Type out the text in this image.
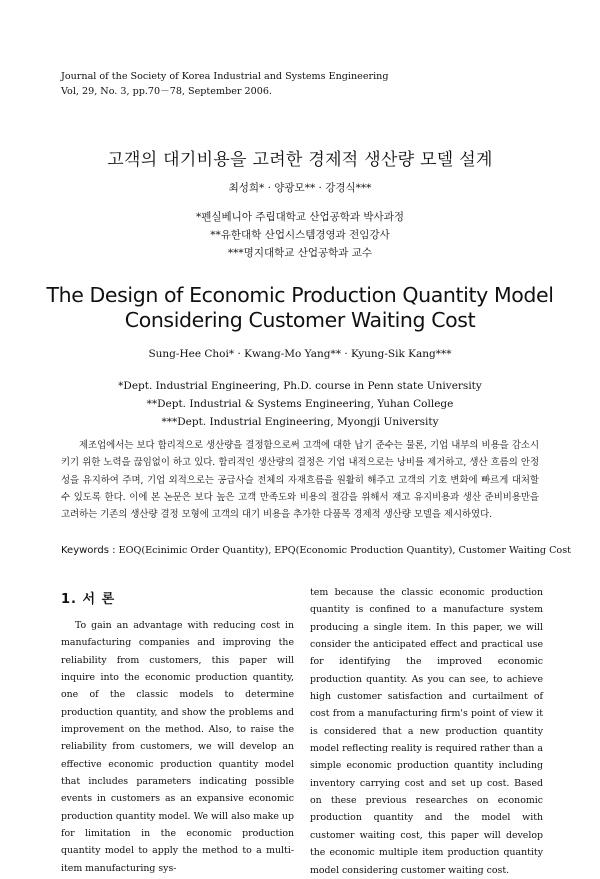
Journal of the Society of Korea Industrial and Systems Engineering
Vol, 29, No. 3, pp.70－78, September 2006.
고객의 대기비용을 고려한 경제적 생산량 모델 설계
최성희* · 양광모** · 강경식***
*펜실베니아 주립대학교 산업공학과 박사과정
**유한대학 산업시스템경영과 전임강사
***명지대학교 산업공학과 교수
The Design of Economic Production Quantity Model
Considering Customer Waiting Cost
Sung-Hee Choi* · Kwang-Mo Yang** · Kyung-Sik Kang***
*Dept. Industrial Engineering, Ph.D. course in Penn state University
**Dept. Industrial & Systems Engineering, Yuhan College
***Dept. Industrial Engineering, Myongji University

제조업에서는 보다 합리적으로 생산량을 결정함으로써 고객에 대한 납기 준수는 물론, 기업 내부의 비용을 감소시키기 위한 노력을 끊임없이 하고 있다. 합리적인 생산량의 결정은 기업 내적으로는 낭비를 제거하고, 생산 흐름의 안정성을 유지하여 주며, 기업 외적으로는 공급사슬 전체의 자재흐름을 원활히 해주고 고객의 기호 변화에 빠르게 대처할 수 있도록 한다. 이에 본 논문은 보다 높은 고객 만족도와 비용의 절감을 위해서 재고 유지비용과 생산 준비비용만을 고려하는 기존의 생산량 결정 모형에 고객의 대기 비용을 추가한 다품목 경제적 생산량 모델을 제시하였다.

Keywords : EOQ(Ecinimic Order Quantity), EPQ(Economic Production Quantity), Customer Waiting Cost
1. 서 론

To gain an advantage with reducing cost in manufacturing companies and improving the reliability from customers, this paper will inquire into the economic production quantity, one of the classic models to determine production quantity, and show the problems and improvement on the method. Also, to raise the reliability from customers, we will develop an effective economic production quantity model that includes parameters indicating possible events in customers as an expansive economic production quantity model. We will also make up for limitation in the economic production quantity model to apply the method to a multi-item manufacturing sys-

tem because the classic economic production quantity is confined to a manufacture system producing a single item. In this paper, we will consider the anticipated effect and practical use for identifying the improved economic production quantity. As you can see, to achieve high customer satisfaction and curtailment of cost from a manufacturing firm's point of view it is considered that a new production quantity model reflecting reality is required rather than a simple economic production quantity including inventory carrying cost and set up cost. Based on these previous researches on economic production quantity and the model with customer waiting cost, this paper will develop the economic multiple item production quantity model considering customer waiting cost.
